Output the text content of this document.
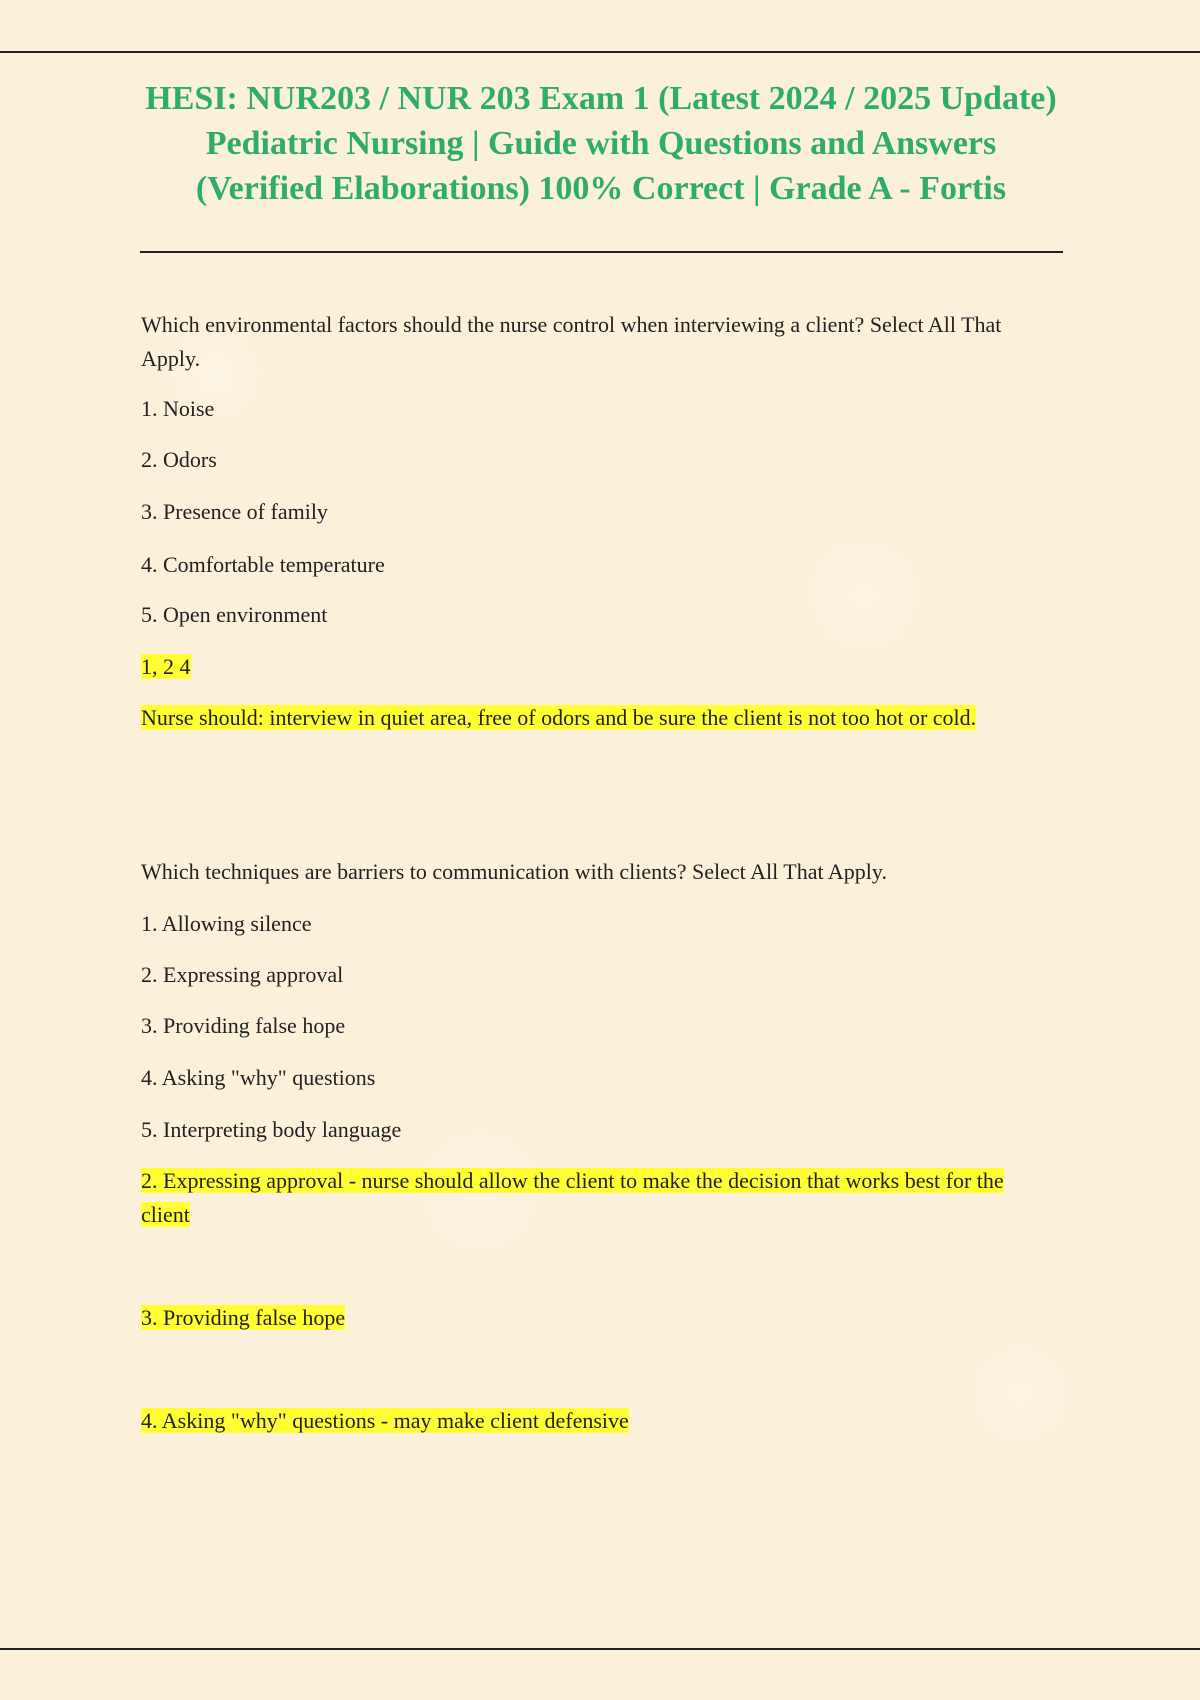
HESI: NUR203 / NUR 203 Exam 1 (Latest 2024 / 2025 Update) Pediatric Nursing | Guide with Questions and Answers (Verified Elaborations) 100% Correct | Grade A - Fortis

Which environmental factors should the nurse control when interviewing a client? Select All That Apply.

1. Noise

2. Odors

3. Presence of family

4. Comfortable temperature

5. Open environment

1, 2 4

Nurse should: interview in quiet area, free of odors and be sure the client is not too hot or cold.

Which techniques are barriers to communication with clients? Select All That Apply.

1. Allowing silence

2. Expressing approval

3. Providing false hope

4. Asking "why" questions

5. Interpreting body language

2. Expressing approval - nurse should allow the client to make the decision that works best for the client

3. Providing false hope

4. Asking "why" questions - may make client defensive
